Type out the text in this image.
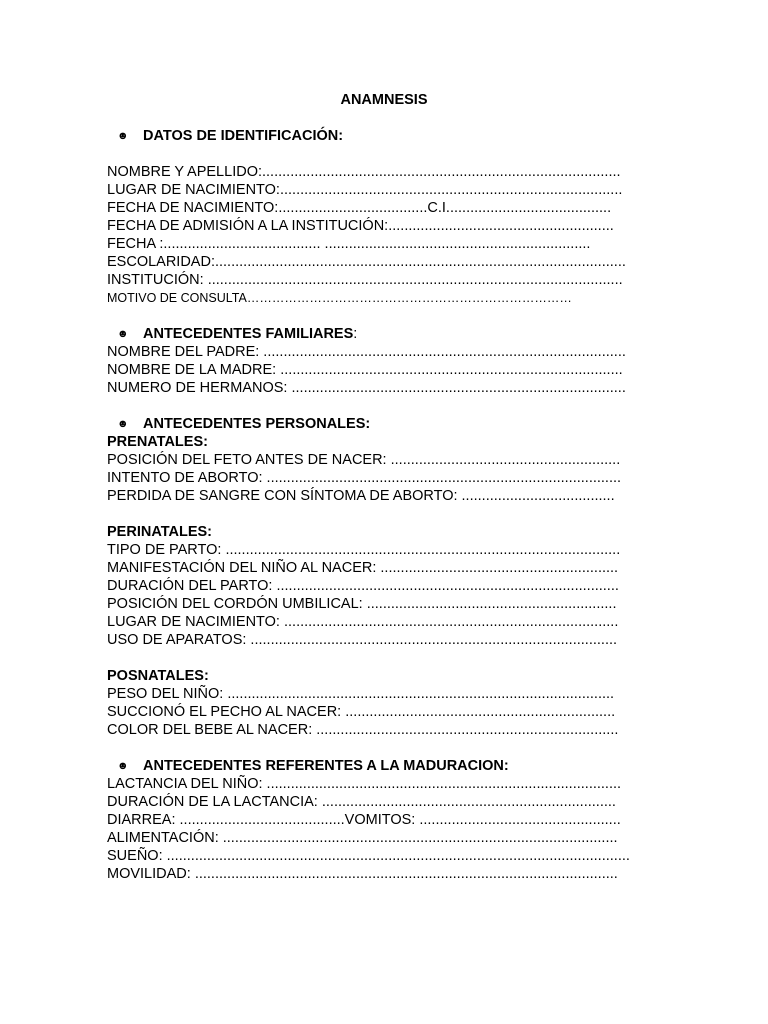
ANAMNESIS

☻ DATOS DE IDENTIFICACIÓN:

NOMBRE Y APELLIDO:.........................................................................................

LUGAR DE NACIMIENTO:.....................................................................................

FECHA DE NACIMIENTO:.....................................C.I.........................................

FECHA DE ADMISIÓN A LA INSTITUCIÓN:........................................................

FECHA :....................................... ..................................................................

ESCOLARIDAD:......................................................................................................

INSTITUCIÓN: .......................................................................................................

MOTIVO DE CONSULTA……………………………………………………………………

☻ ANTECEDENTES FAMILIARES :

NOMBRE DEL PADRE: ..........................................................................................

NOMBRE DE LA MADRE: .....................................................................................

NUMERO DE HERMANOS: ...................................................................................

☻ ANTECEDENTES PERSONALES:

PRENATALES:

POSICIÓN DEL FETO ANTES DE NACER: .........................................................

INTENTO DE ABORTO: ........................................................................................

PERDIDA DE SANGRE CON SÍNTOMA DE ABORTO: ......................................

PERINATALES:

TIPO DE PARTO: ..................................................................................................

MANIFESTACIÓN DEL NIÑO AL NACER: ...........................................................

DURACIÓN DEL PARTO: .....................................................................................

POSICIÓN DEL CORDÓN UMBILICAL: ..............................................................

LUGAR DE NACIMIENTO: ...................................................................................

USO DE APARATOS: ...........................................................................................

POSNATALES:

PESO DEL NIÑO: ................................................................................................

SUCCIONÓ EL PECHO AL NACER: ...................................................................

COLOR DEL BEBE AL NACER: ...........................................................................

☻ ANTECEDENTES REFERENTES A LA MADURACION:

LACTANCIA DEL NIÑO: ........................................................................................

DURACIÓN DE LA LACTANCIA: .........................................................................

DIARREA: .........................................VOMITOS: ..................................................

ALIMENTACIÓN: ..................................................................................................

SUEÑO: ...................................................................................................................

MOVILIDAD: .........................................................................................................
